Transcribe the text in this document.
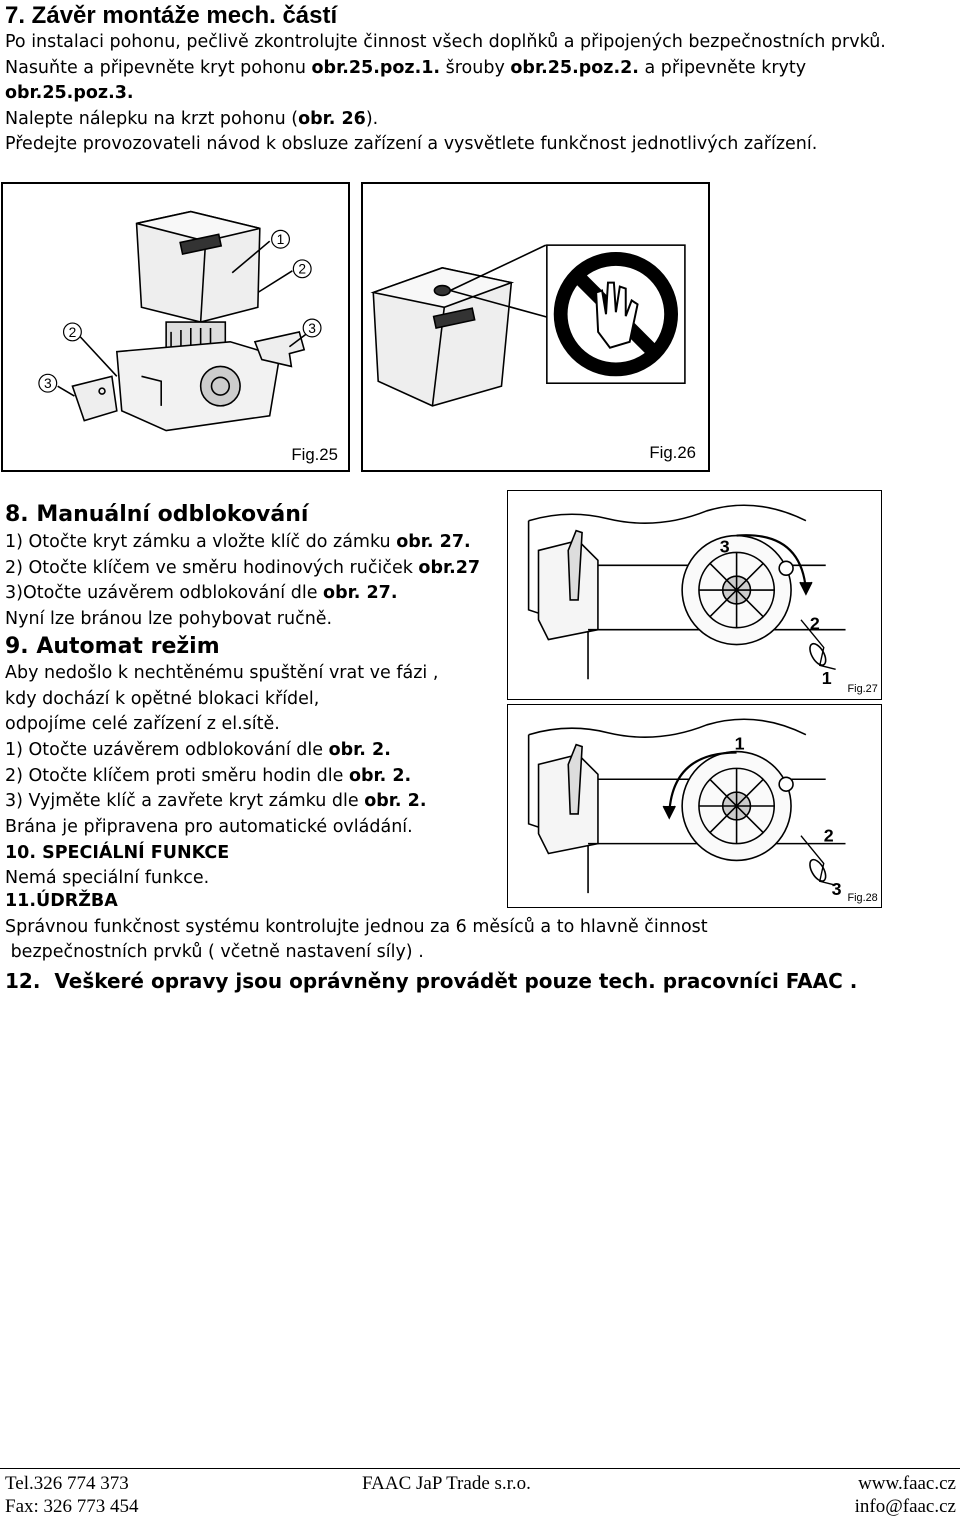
7. Závěr montáže mech. částí

Po instalaci pohonu, pečlivě zkontrolujte činnost všech doplňků a připojených bezpečnostních prvků.

Nasuňte a připevněte kryt pohonu obr.25.poz.1. šrouby obr.25.poz.2. a připevněte kryty

obr.25.poz.3.

Nalepte nálepku na krzt pohonu (obr. 26).

Předejte provozovateli návod k obsluze zařízení a vysvětlete funkčnost jednotlivých zařízení.

1
2
2	3
3
Fig.25	Fig.26

8. Manuální odblokování

1) Otočte kryt zámku a vložte klíč do zámku obr. 27.

2) Otočte klíčem ve směru hodinových ručiček obr.27

3)Otočte uzávěrem odblokování dle obr. 27.

Nyní lze bránou lze pohybovat ručně.

9. Automat režim

Aby nedošlo k nechtěnému spuštění vrat ve fázi ,

kdy dochází k opětné blokaci křídel,

odpojíme celé zařízení z el.sítě.

1) Otočte uzávěrem odblokování dle obr. 2.

2) Otočte klíčem proti směru hodin dle obr. 2.

3) Vyjměte klíč a zavřete kryt zámku dle obr. 2.

Brána je připravena pro automatické ovládání.

10. SPECIÁLNÍ FUNKCE

Nemá speciální funkce.

3
2
1
Fig.27
1
2
3 Fig.28

11.ÚDRŽBA

Správnou funkčnost systému kontrolujte jednou za 6 měsíců a to hlavně činnost

bezpečnostních prvků ( včetně nastavení síly) .

12. Veškeré opravy jsou oprávněny provádět pouze tech. pracovníci FAAC .

Tel.326 774 373
Fax: 326 773 454
FAAC JaP Trade s.r.o.	www.faac.cz
info@faac.cz
